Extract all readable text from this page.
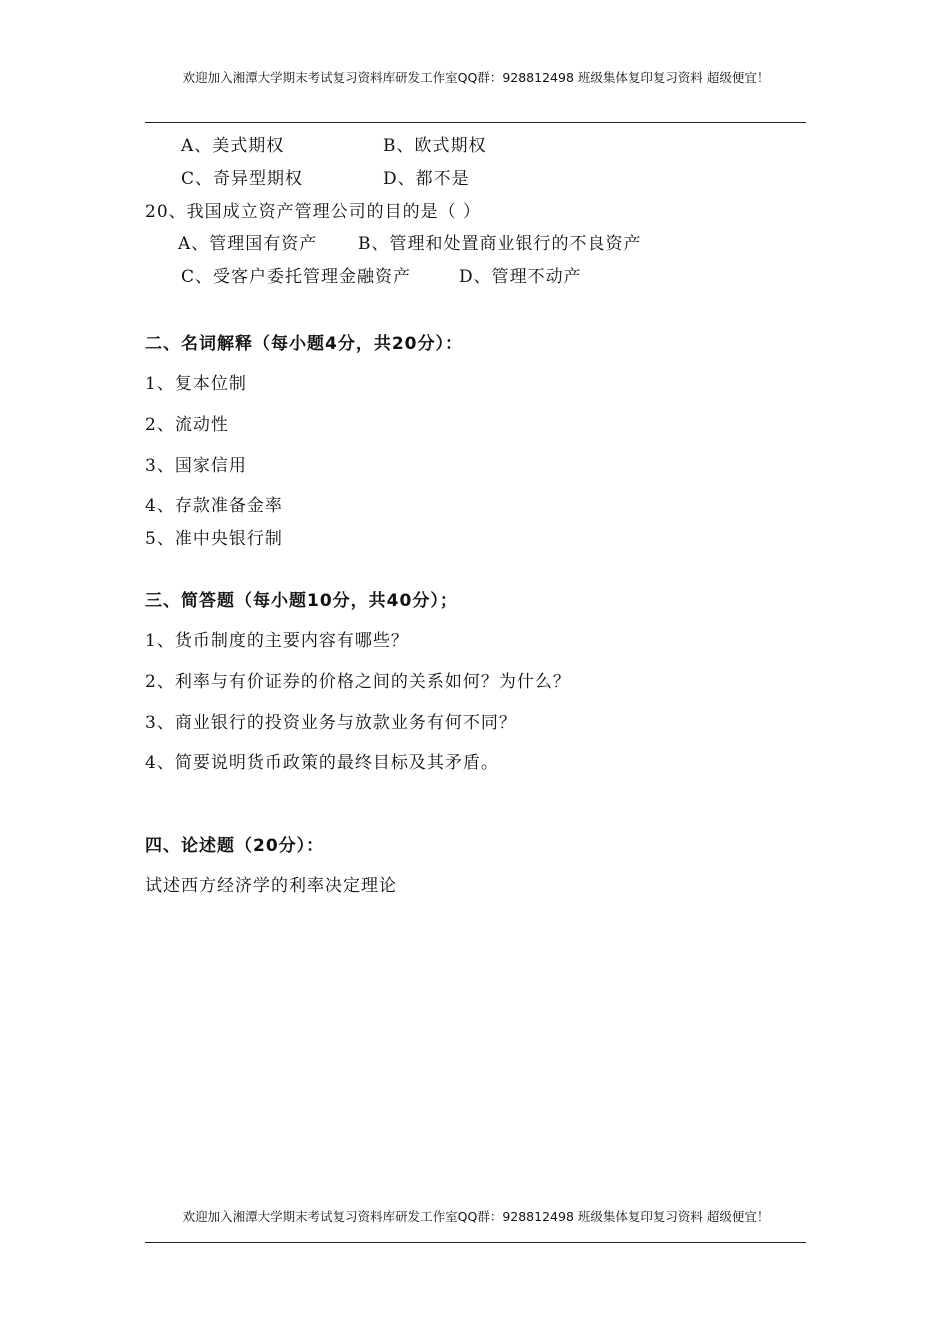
欢迎加入湘潭大学期末考试复习资料库研发工作室QQ群：928812498 班级集体复印复习资料 超级便宜！
A、美式期权	B、欧式期权
C、奇异型期权	D、都不是
20、我国成立资产管理公司的目的是（ ）
A、管理国有资产 B、管理和处置商业银行的不良资产
C、受客户委托管理金融资产	D、管理不动产
二、名词解释（每小题4分，共20分）：
1、复本位制
2、流动性
3、国家信用
4、存款准备金率
5、准中央银行制
三、简答题（每小题10分，共40分）；
1、货币制度的主要内容有哪些？
2、利率与有价证券的价格之间的关系如何？为什么？
3、商业银行的投资业务与放款业务有何不同？
4、简要说明货币政策的最终目标及其矛盾。
四、论述题（20分）：
试述西方经济学的利率决定理论
欢迎加入湘潭大学期末考试复习资料库研发工作室QQ群：928812498 班级集体复印复习资料 超级便宜！
